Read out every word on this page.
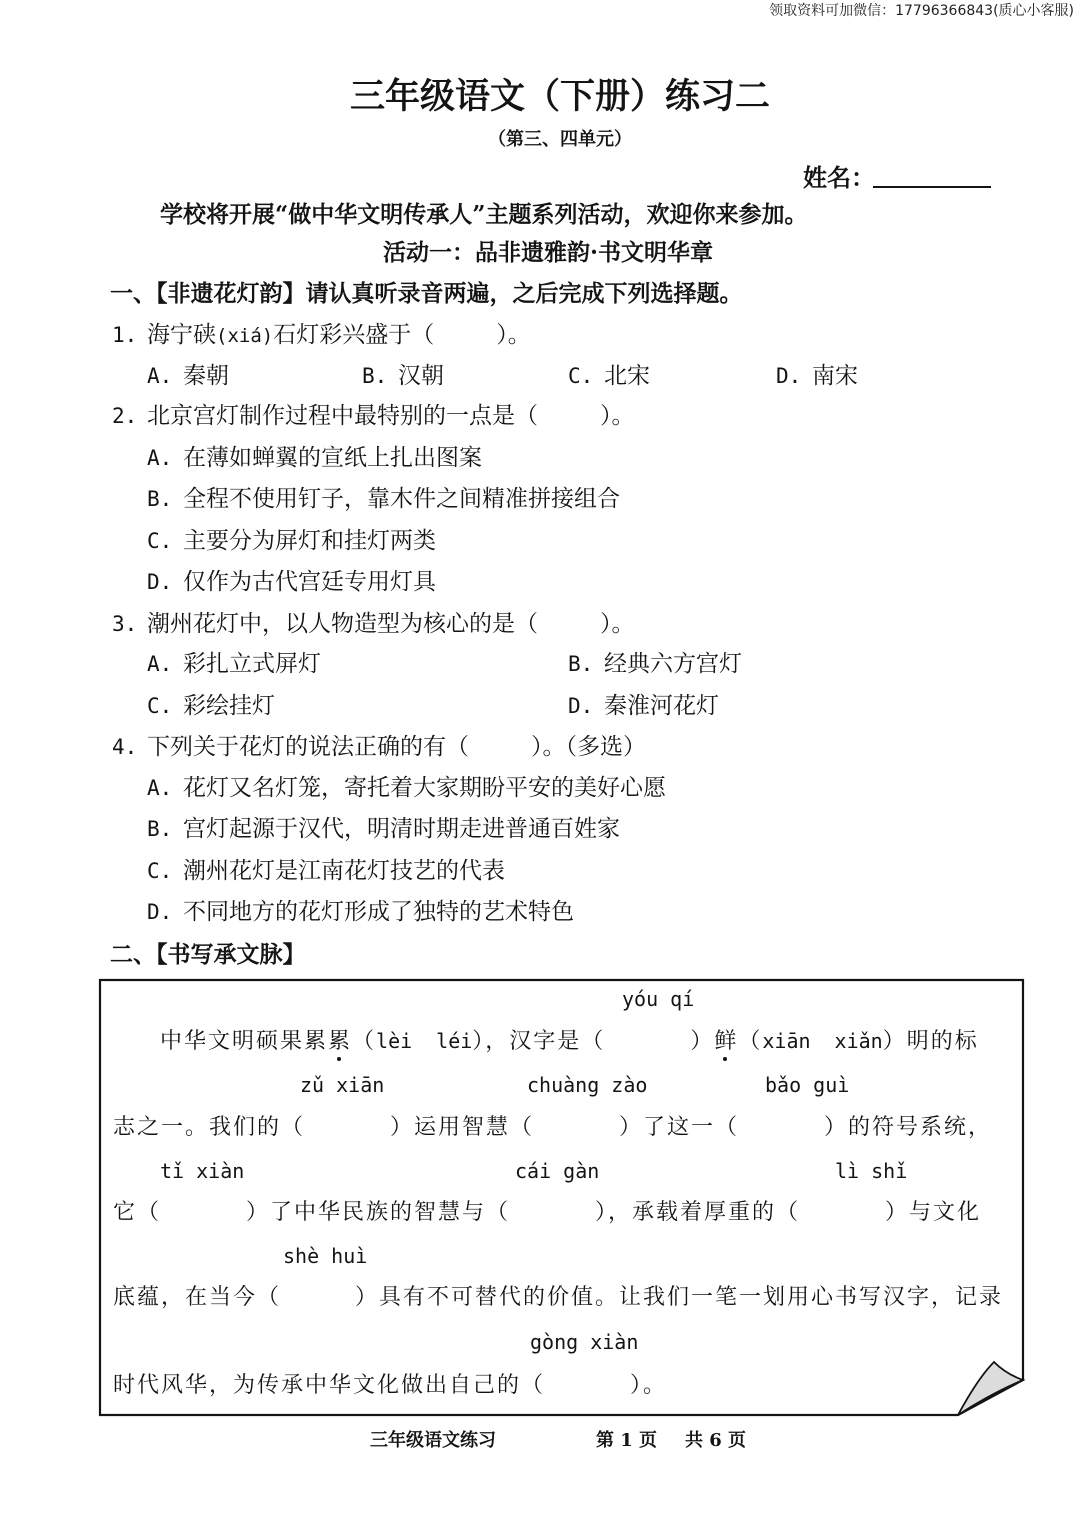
领取资料可加微信：17796366843(质心小客服)
三年级语文（下册）练习二
（第三、四单元）
姓名：
学校将开展“做中华文明传承人”主题系列活动，欢迎你来参加。
活动一：品非遗雅韵·书文明华章
一、【非遗花灯韵】请认真听录音两遍，之后完成下列选择题。
1. 海宁硖(xiá)石灯彩兴盛于（	）。
A. 秦朝	B. 汉朝	C. 北宋	D. 南宋
2. 北京宫灯制作过程中最特别的一点是（	）。
A. 在薄如蝉翼的宣纸上扎出图案
B. 全程不使用钉子，靠木件之间精准拼接组合
C. 主要分为屏灯和挂灯两类
D. 仅作为古代宫廷专用灯具
3. 潮州花灯中，以人物造型为核心的是（	）。
A. 彩扎立式屏灯	B. 经典六方宫灯
C. 彩绘挂灯	D. 秦淮河花灯
4. 下列关于花灯的说法正确的有（	）。（多选）
A. 花灯又名灯笼，寄托着大家期盼平安的美好心愿
B. 宫灯起源于汉代，明清时期走进普通百姓家
C. 潮州花灯是江南花灯技艺的代表
D. 不同地方的花灯形成了独特的艺术特色
二、【书写承文脉】
yóu qí
zǔ xiān	chuàng zào	bǎo guì
tǐ xiàn	cái gàn	lì shǐ
shè huì
gòng xiàn
中华文明硕果累累（lèi léi），汉字是（	）鲜（xiān xiǎn）明的标
志之一。我们的（	）运用智慧（	）了这一（	）的符号系统，
它（	）了中华民族的智慧与（	），承载着厚重的（	）与文化
底蕴，在当今（	）具有不可替代的价值。让我们一笔一划用心书写汉字，记录
时代风华，为传承中华文化做出自己的（	）。
三年级语文练习	第 1 页 共 6 页
